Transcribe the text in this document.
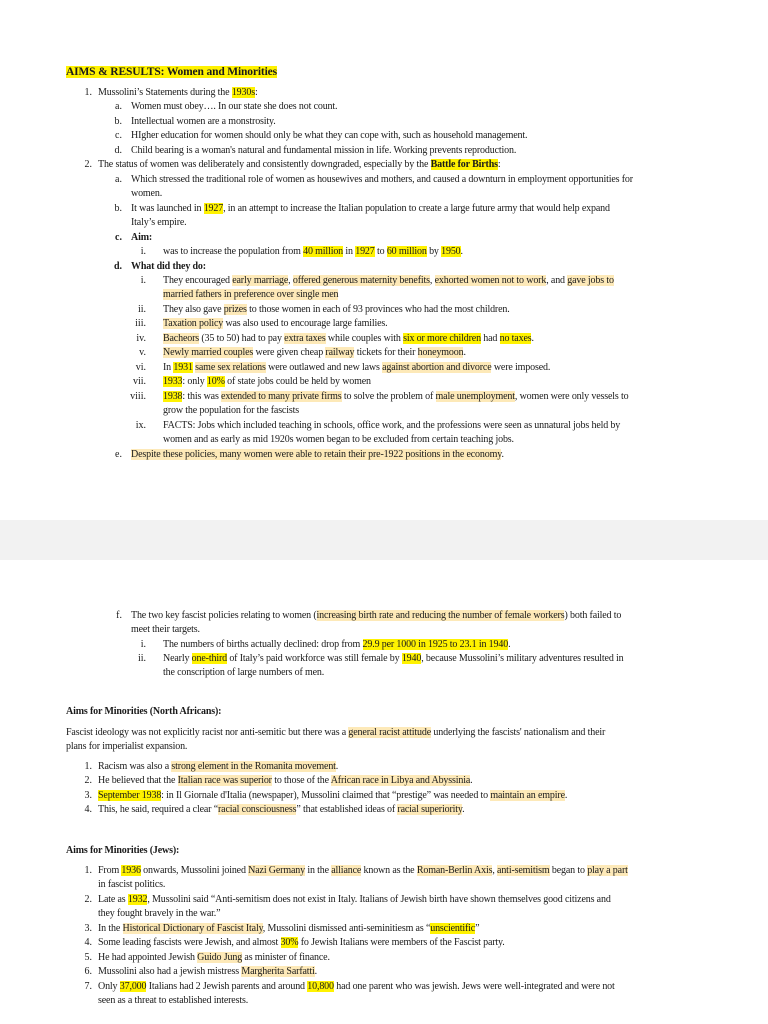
AIMS & RESULTS: Women and Minorities
1. Mussolini’s Statements during the 1930s:
a. Women must obey…. In our state she does not count.
b. Intellectual women are a monstrosity.
c. HIgher education for women should only be what they can cope with, such as household management.
d. Child bearing is a woman's natural and fundamental mission in life. Working prevents reproduction.
2. The status of women was deliberately and consistently downgraded, especially by the Battle for Births:
a. Which stressed the traditional role of women as housewives and mothers, and caused a downturn in employment opportunities for
women.
b. It was launched in 1927, in an attempt to increase the Italian population to create a large future army that would help expand
Italy’s empire.
c. Aim:
i. was to increase the population from 40 million in 1927 to 60 million by 1950.
d. What did they do:
i. They encouraged early marriage, offered generous maternity benefits, exhorted women not to work, and gave jobs to
married fathers in preference over single men
ii. They also gave prizes to those women in each of 93 provinces who had the most children.
iii. Taxation policy was also used to encourage large families.
iv. Bacheors (35 to 50) had to pay extra taxes while couples with six or more children had no taxes.
v. Newly married couples were given cheap railway tickets for their honeymoon.
vi. In 1931 same sex relations were outlawed and new laws against abortion and divorce were imposed.
vii. 1933: only 10% of state jobs could be held by women
viii. 1938: this was extended to many private firms to solve the problem of male unemployment, women were only vessels to
grow the population for the fascists
ix. FACTS: Jobs which included teaching in schools, office work, and the professions were seen as unnatural jobs held by
women and as early as mid 1920s women began to be excluded from certain teaching jobs.
e. Despite these policies, many women were able to retain their pre-1922 positions in the economy.
f. The two key fascist policies relating to women (increasing birth rate and reducing the number of female workers) both failed to
meet their targets.
i. The numbers of births actually declined: drop from 29.9 per 1000 in 1925 to 23.1 in 1940.
ii. Nearly one-third of Italy’s paid workforce was still female by 1940, because Mussolini’s military adventures resulted in
the conscription of large numbers of men.
Aims for Minorities (North Africans):
Fascist ideology was not explicitly racist nor anti-semitic but there was a general racist attitude underlying the fascists' nationalism and their
plans for imperialist expansion.
1. Racism was also a strong element in the Romanita movement.
2. He believed that the Italian race was superior to those of the African race in Libya and Abyssinia.
3. September 1938: in Il Giornale d'Italia (newspaper), Mussolini claimed that “prestige” was needed to maintain an empire.
4. This, he said, required a clear “racial consciousness” that established ideas of racial superiority.
Aims for Minorities (Jews):
1. From 1936 onwards, Mussolini joined Nazi Germany in the alliance known as the Roman-Berlin Axis, anti-semitism began to play a part
in fascist politics.
2. Late as 1932, Mussolini said “Anti-semitism does not exist in Italy. Italians of Jewish birth have shown themselves good citizens and
they fought bravely in the war.”
3. In the Historical Dictionary of Fascist Italy, Mussolini dismissed anti-seminitiesm as “unscientific”
4. Some leading fascists were Jewish, and almost 30% fo Jewish Italians were members of the Fascist party.
5. He had appointed Jewish Guido Jung as minister of finance.
6. Mussolini also had a jewish mistress Margherita Sarfatti.
7. Only 37,000 Italians had 2 Jewish parents and around 10,800 had one parent who was jewish. Jews were well-integrated and were not
seen as a threat to established interests.
